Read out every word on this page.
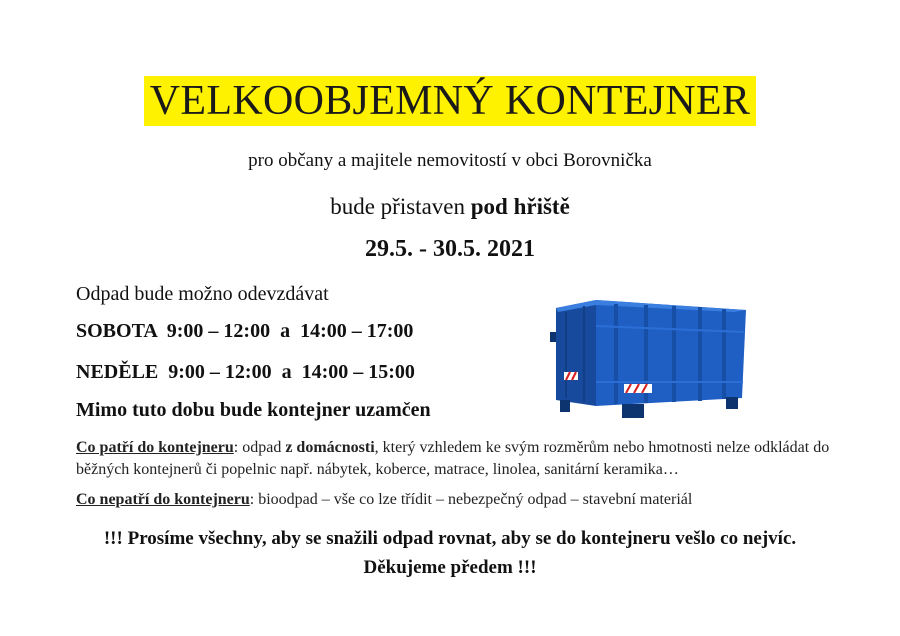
VELKOOBJEMNÝ KONTEJNER
pro občany a majitele nemovitostí v obci Borovnička
bude přistaven pod hřiště
29.5. - 30.5. 2021
Odpad bude možno odevzdávat
SOBOTA  9:00 – 12:00  a  14:00 – 17:00
NEDĚLE  9:00 – 12:00  a  14:00 – 15:00
Mimo tuto dobu bude kontejner uzamčen
Co patří do kontejneru: odpad z domácnosti, který vzhledem ke svým rozměrům nebo hmotnosti nelze odkládat do běžných kontejnerů či popelnic např. nábytek, koberce, matrace, linolea, sanitární keramika…
Co nepatří do kontejneru: bioodpad – vše co lze třídit – nebezpečný odpad – stavební materiál
!!! Prosíme všechny, aby se snažili odpad rovnat, aby se do kontejneru vešlo co nejvíc.
Děkujeme předem !!!
